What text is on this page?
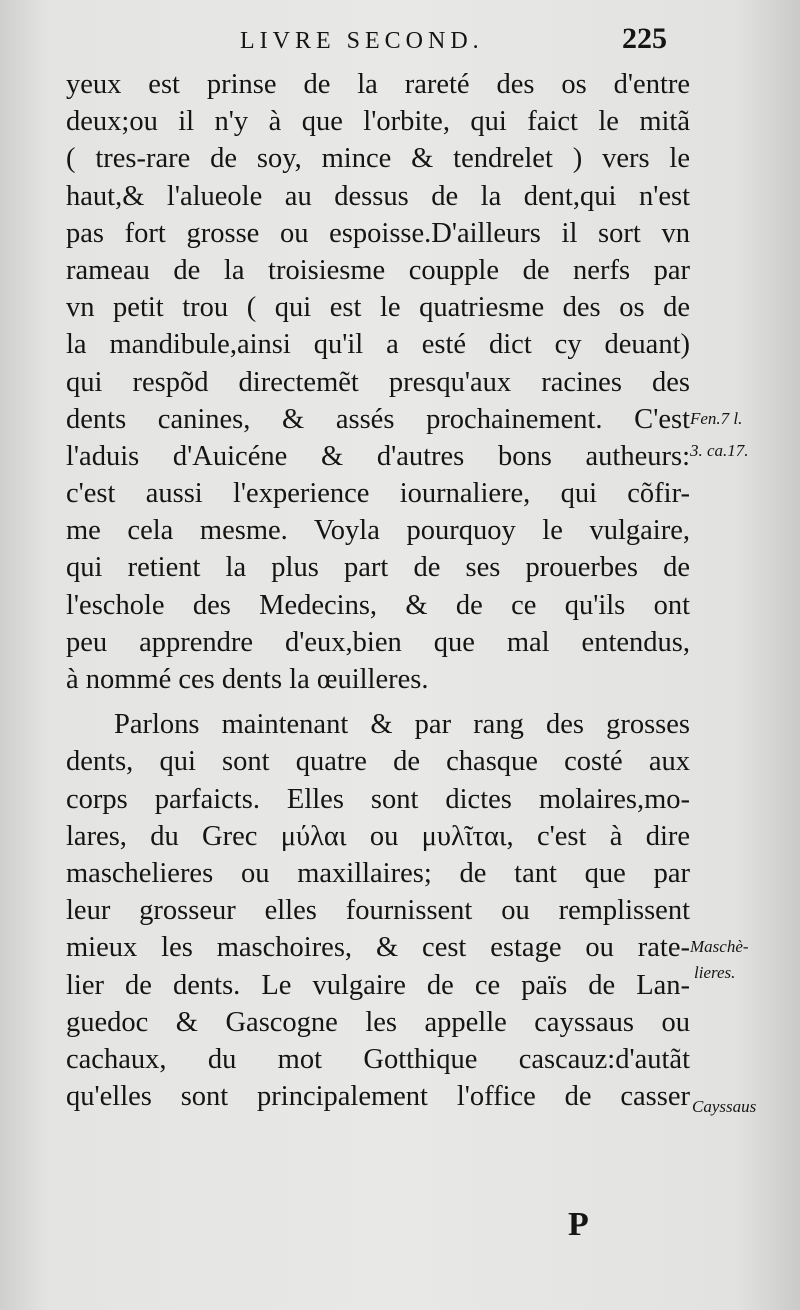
LIVRE SECOND.	225
yeux est prinse de la rareté des os d'entre
deux;ou il n'y à que l'orbite, qui faict le mitã
( tres-rare de soy, mince & tendrelet ) vers le
haut,& l'alueole au dessus de la dent,qui n'est
pas fort grosse ou espoisse.D'ailleurs il sort vn
rameau de la troisiesme coupple de nerfs par
vn petit trou ( qui est le quatriesme des os de
la mandibule,ainsi qu'il a esté dict cy deuant)
qui respõd directemẽt presqu'aux racines des
dents canines, & assés prochainement. C'est
l'aduis d'Auicéne & d'autres bons autheurs:
c'est aussi l'experience iournaliere, qui cõfir-
me cela mesme. Voyla pourquoy le vulgaire,
qui retient la plus part de ses prouerbes de
l'eschole des Medecins, & de ce qu'ils ont
peu apprendre d'eux,bien que mal entendus,
à nommé ces dents la œuilleres.
Parlons maintenant & par rang des grosses
dents, qui sont quatre de chasque costé aux
corps parfaicts. Elles sont dictes molaires,mo-
lares, du Grec μύλαι ou μυλῖται, c'est à dire
maschelieres ou maxillaires; de tant que par
leur grosseur elles fournissent ou remplissent
mieux les maschoires, & cest estage ou rate-
lier de dents. Le vulgaire de ce païs de Lan-
guedoc & Gascogne les appelle cayssaus ou
cachaux, du mot Gotthique cascauz:d'autãt
qu'elles sont principalement l'office de casser
Fen.7 l.
3. ca.17.
Maschè-
lieres.
Cayssaus
P
